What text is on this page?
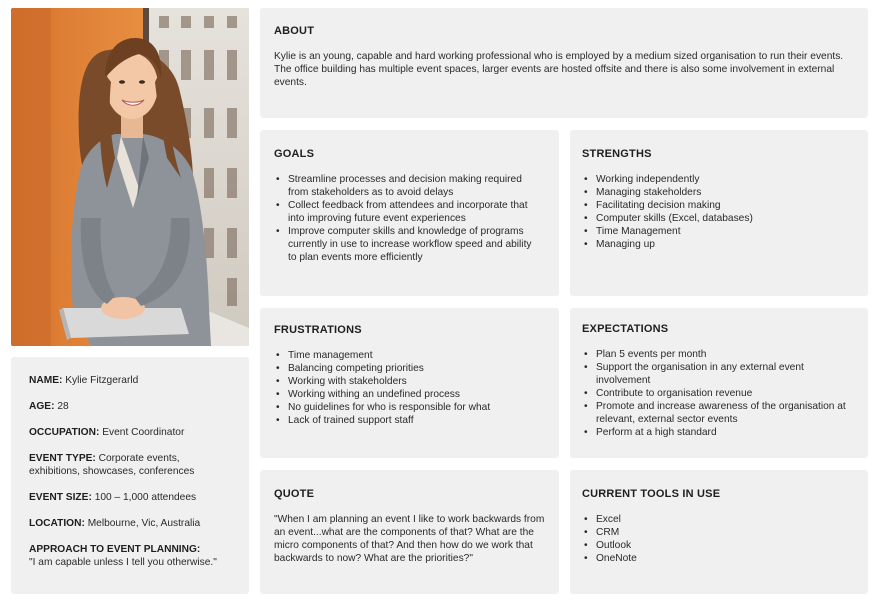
ABOUT

Kylie is an young, capable and hard working professional who is employed by a medium sized organisation to run their events. The office building has multiple event spaces, larger events are hosted offsite and there is also some involvement in external events.

GOALS
• Streamline processes and decision making required from stakeholders as to avoid delays
• Collect feedback from attendees and incorporate that into improving future event experiences
• Improve computer skills and knowledge of programs currently in use to increase workflow speed and ability to plan events more efficiently
STRENGTHS
• Working independently
• Managing stakeholders
• Facilitating decision making
• Computer skills (Excel, databases)
• Time Management
• Managing up
FRUSTRATIONS
• Time management
• Balancing competing priorities
• Working with stakeholders
• Working withing an undefined process
• No guidelines for who is responsible for what
• Lack of trained support staff
EXPECTATIONS
• Plan 5 events per month
• Support the organisation in any external event involvement
• Contribute to organisation revenue
• Promote and increase awareness of the organisation at relevant, external sector events
• Perform at a high standard
QUOTE

"When I am planning an event I like to work backwards from an event...what are the components of that? What are the micro components of that? And then how do we work that backwards to now? What are the priorities?"

CURRENT TOOLS IN USE
• Excel
• CRM
• Outlook
• OneNote
NAME: Kylie Fitzgerarld
AGE: 28
OCCUPATION: Event Coordinator
EVENT TYPE: Corporate events, exhibitions, showcases, conferences
EVENT SIZE: 100 – 1,000 attendees
LOCATION: Melbourne, Vic, Australia
APPROACH TO EVENT PLANNING:
"I am capable unless I tell you otherwise."
